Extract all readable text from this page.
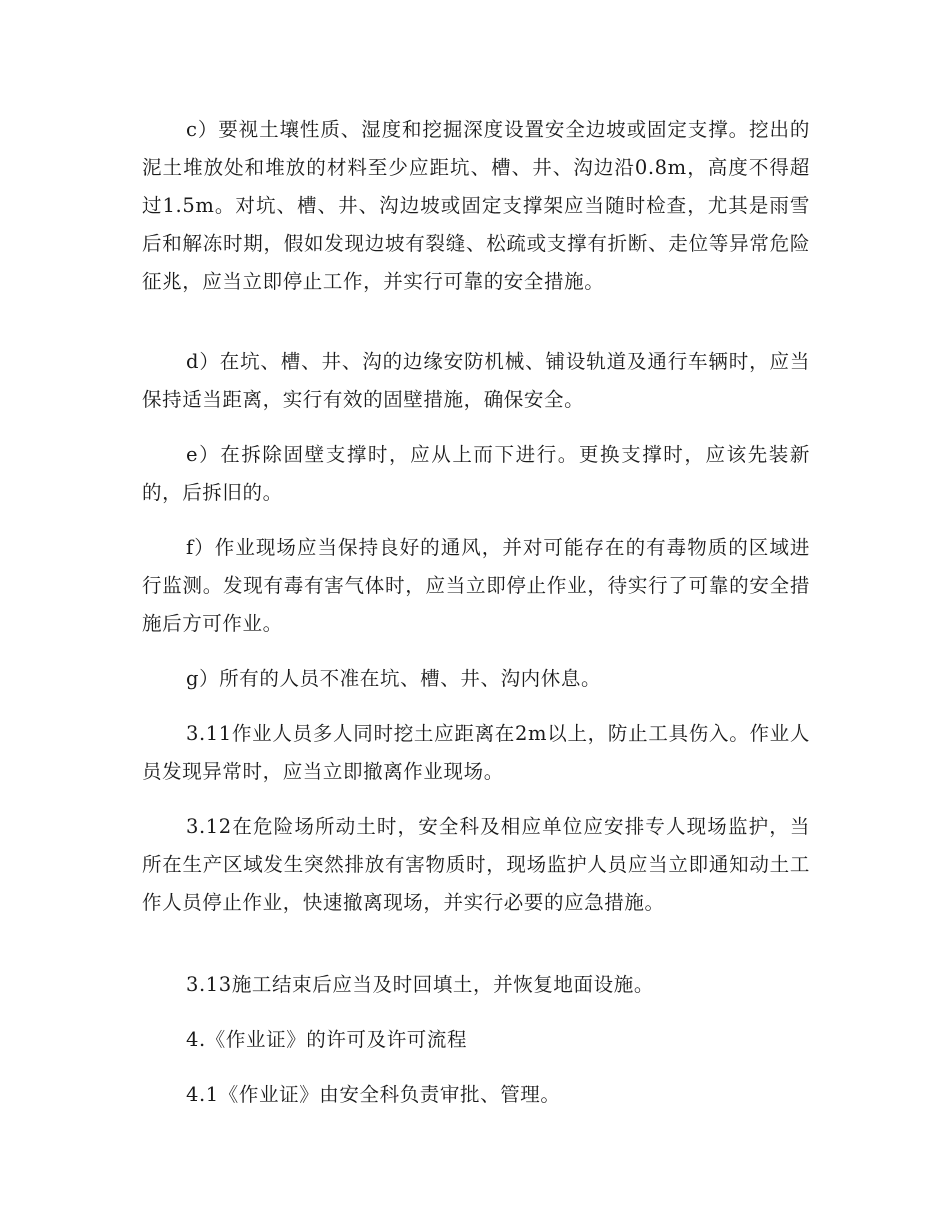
c）要视土壤性质、湿度和挖掘深度设置安全边坡或固定支撑。挖出的泥土堆放处和堆放的材料至少应距坑、槽、井、沟边沿0.8m，高度不得超过1.5m。对坑、槽、井、沟边坡或固定支撑架应当随时检查，尤其是雨雪后和解冻时期，假如发现边坡有裂缝、松疏或支撑有折断、走位等异常危险征兆，应当立即停止工作，并实行可靠的安全措施。

d）在坑、槽、井、沟的边缘安防机械、铺设轨道及通行车辆时，应当保持适当距离，实行有效的固壁措施，确保安全。

e）在拆除固壁支撑时，应从上而下进行。更换支撑时，应该先装新的，后拆旧的。

f）作业现场应当保持良好的通风，并对可能存在的有毒物质的区域进行监测。发现有毒有害气体时，应当立即停止作业，待实行了可靠的安全措施后方可作业。

g）所有的人员不准在坑、槽、井、沟内休息。

3.11作业人员多人同时挖土应距离在2m以上，防止工具伤入。作业人员发现异常时，应当立即撤离作业现场。

3.12在危险场所动土时，安全科及相应单位应安排专人现场监护，当所在生产区域发生突然排放有害物质时，现场监护人员应当立即通知动土工作人员停止作业，快速撤离现场，并实行必要的应急措施。

3.13施工结束后应当及时回填土，并恢复地面设施。

4.《作业证》的许可及许可流程

4.1《作业证》由安全科负责审批、管理。
